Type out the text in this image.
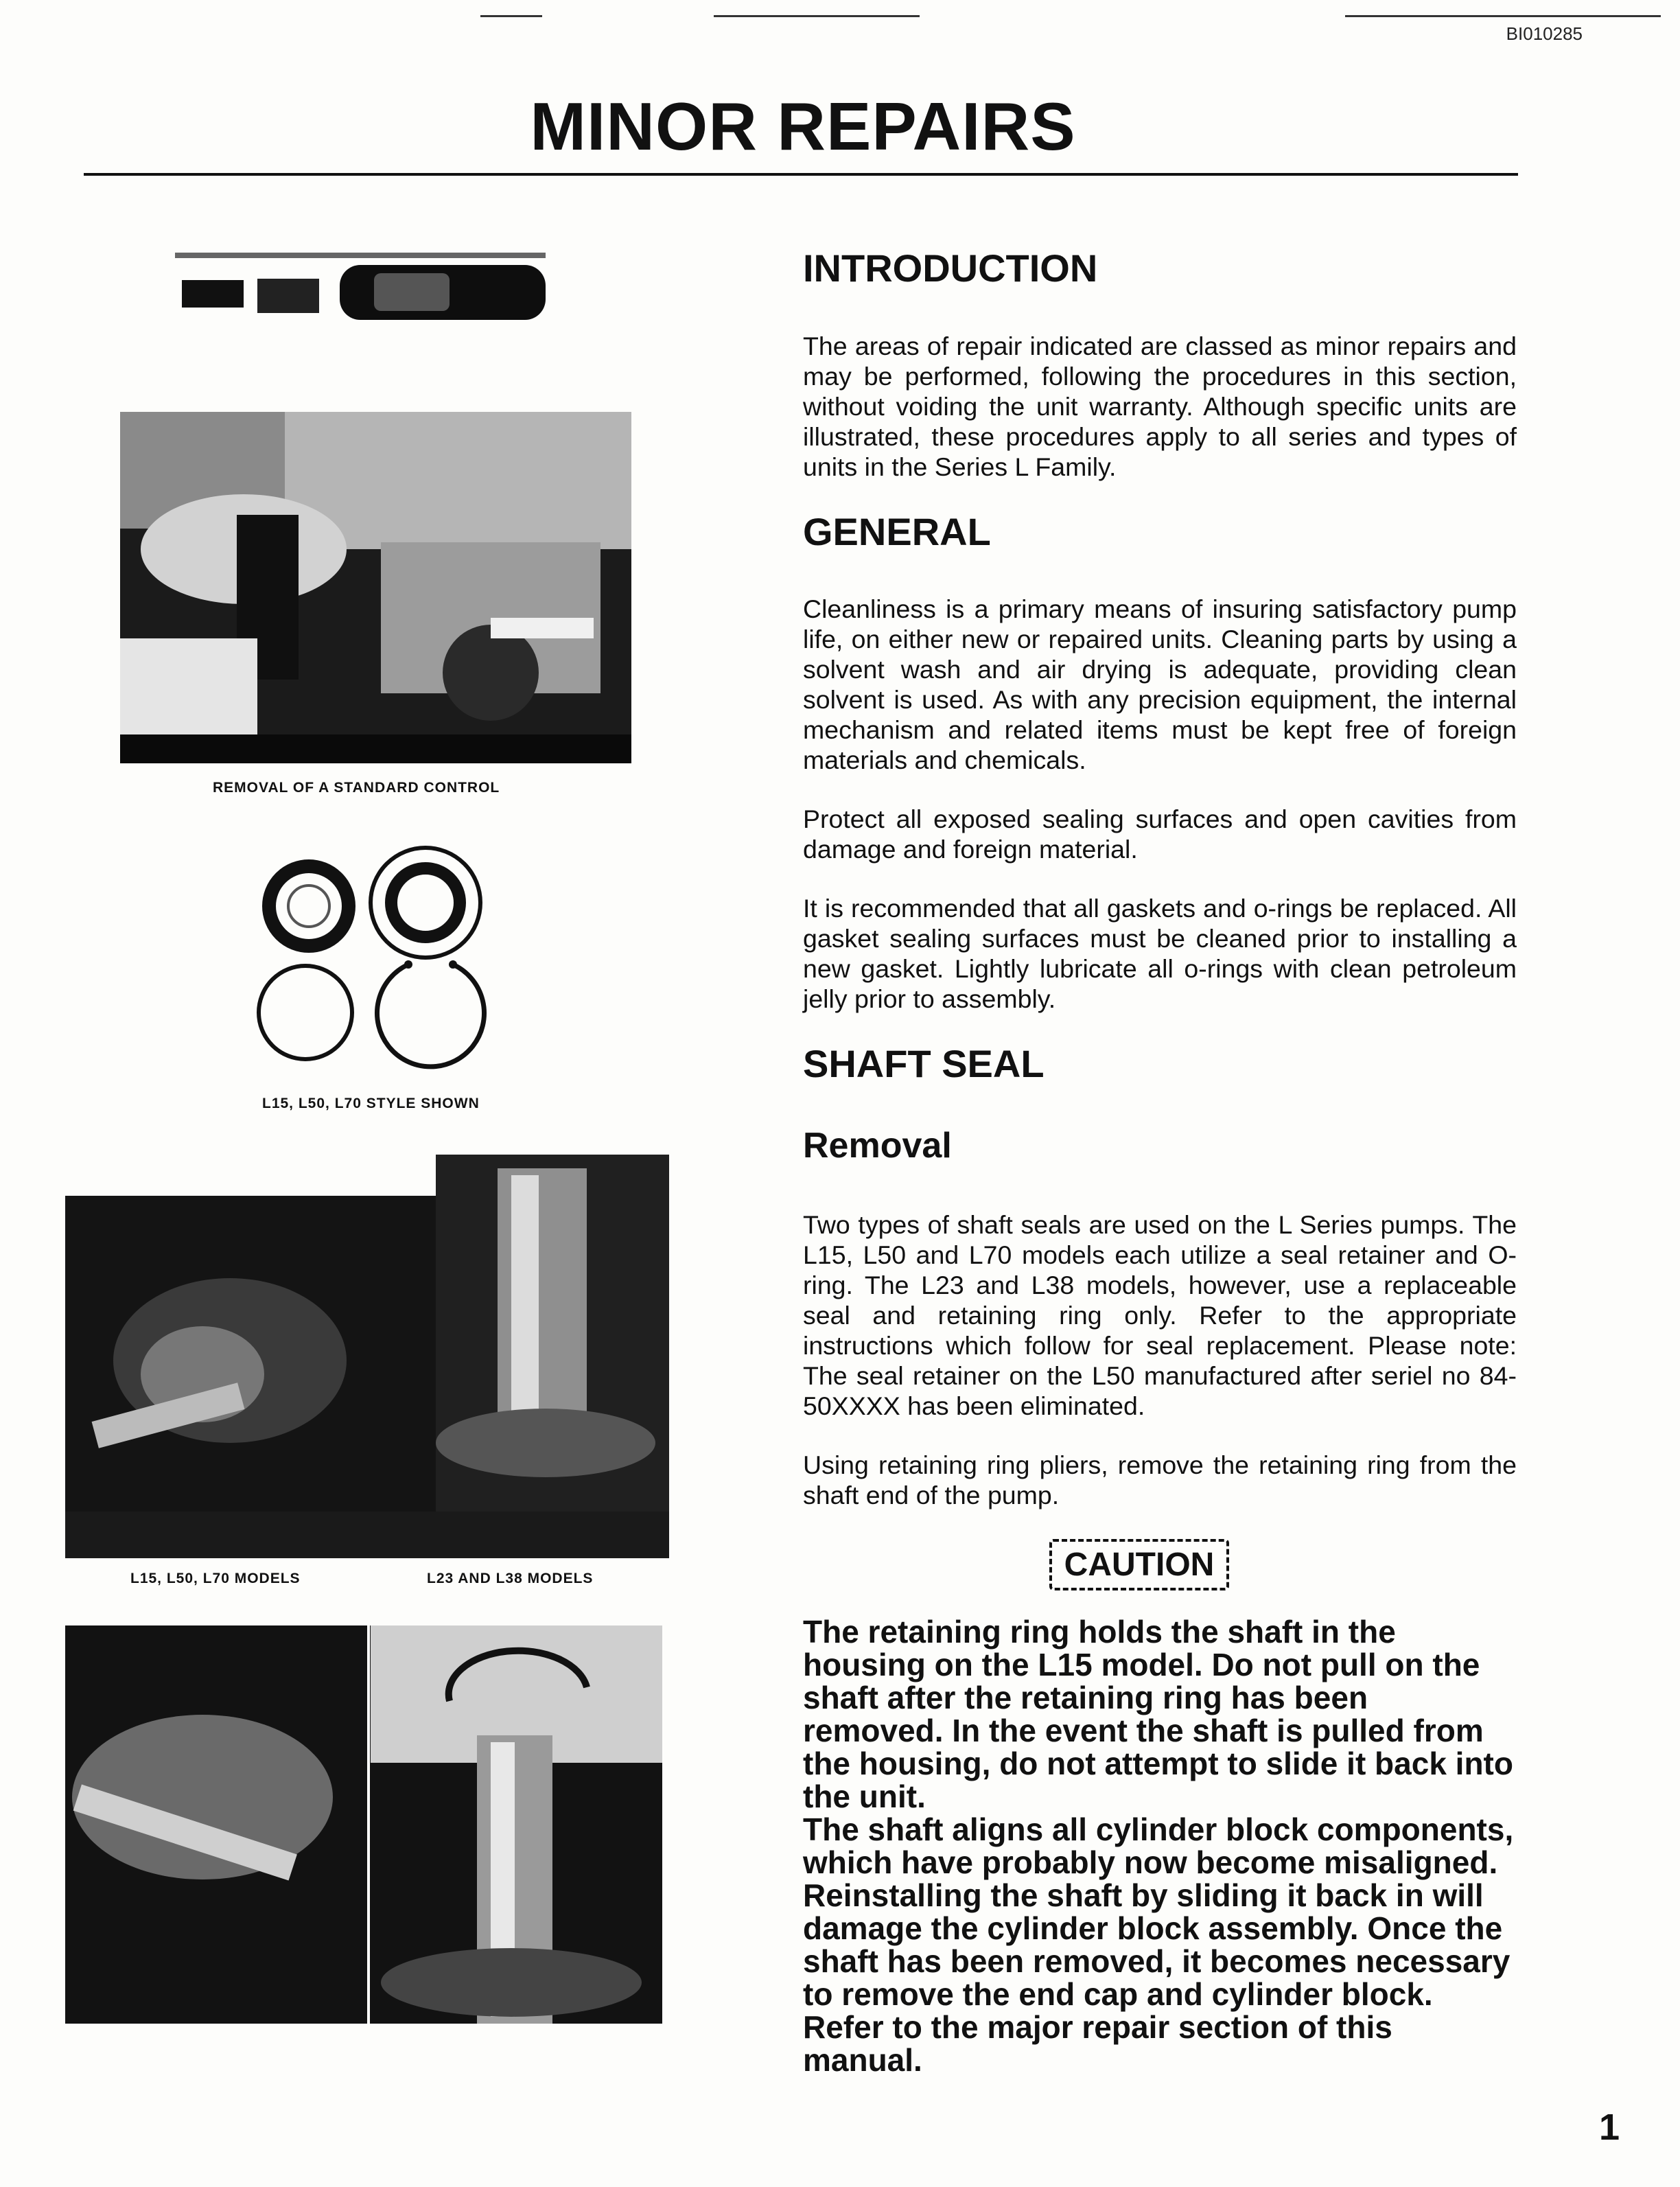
BI010285
MINOR REPAIRS
REMOVAL OF A STANDARD CONTROL
L15, L50, L70 STYLE SHOWN
L15, L50, L70 MODELS	L23 AND L38 MODELS
INTRODUCTION

The areas of repair indicated are classed as minor repairs and may be performed, following the procedures in this section, without voiding the unit warranty. Although specific units are illustrated, these procedures apply to all series and types of units in the Series L Family.

GENERAL

Cleanliness is a primary means of insuring satisfactory pump life, on either new or repaired units. Cleaning parts by using a solvent wash and air drying is adequate, providing clean solvent is used. As with any precision equipment, the internal mechanism and related items must be kept free of foreign materials and chemicals.

Protect all exposed sealing surfaces and open cavities from damage and foreign material.

It is recommended that all gaskets and o-rings be replaced. All gasket sealing surfaces must be cleaned prior to installing a new gasket. Lightly lubricate all o-rings with clean petroleum jelly prior to assembly.

SHAFT SEAL
Removal

Two types of shaft seals are used on the L Series pumps. The L15, L50 and L70 models each utilize a seal retainer and O-ring. The L23 and L38 models, however, use a replaceable seal and retaining ring only. Refer to the appropriate instructions which follow for seal replacement. Please note: The seal retainer on the L50 manufactured after seriel no 84-50XXXX has been eliminated.

Using retaining ring pliers, remove the retaining ring from the shaft end of the pump.

CAUTION

The retaining ring holds the shaft in the housing on the L15 model. Do not pull on the shaft after the retaining ring has been removed. In the event the shaft is pulled from the housing, do not attempt to slide it back into the unit.

The shaft aligns all cylinder block components, which have probably now become misaligned. Reinstalling the shaft by sliding it back in will damage the cylinder block assembly. Once the shaft has been removed, it becomes necessary to remove the end cap and cylinder block. Refer to the major repair section of this manual.

1
